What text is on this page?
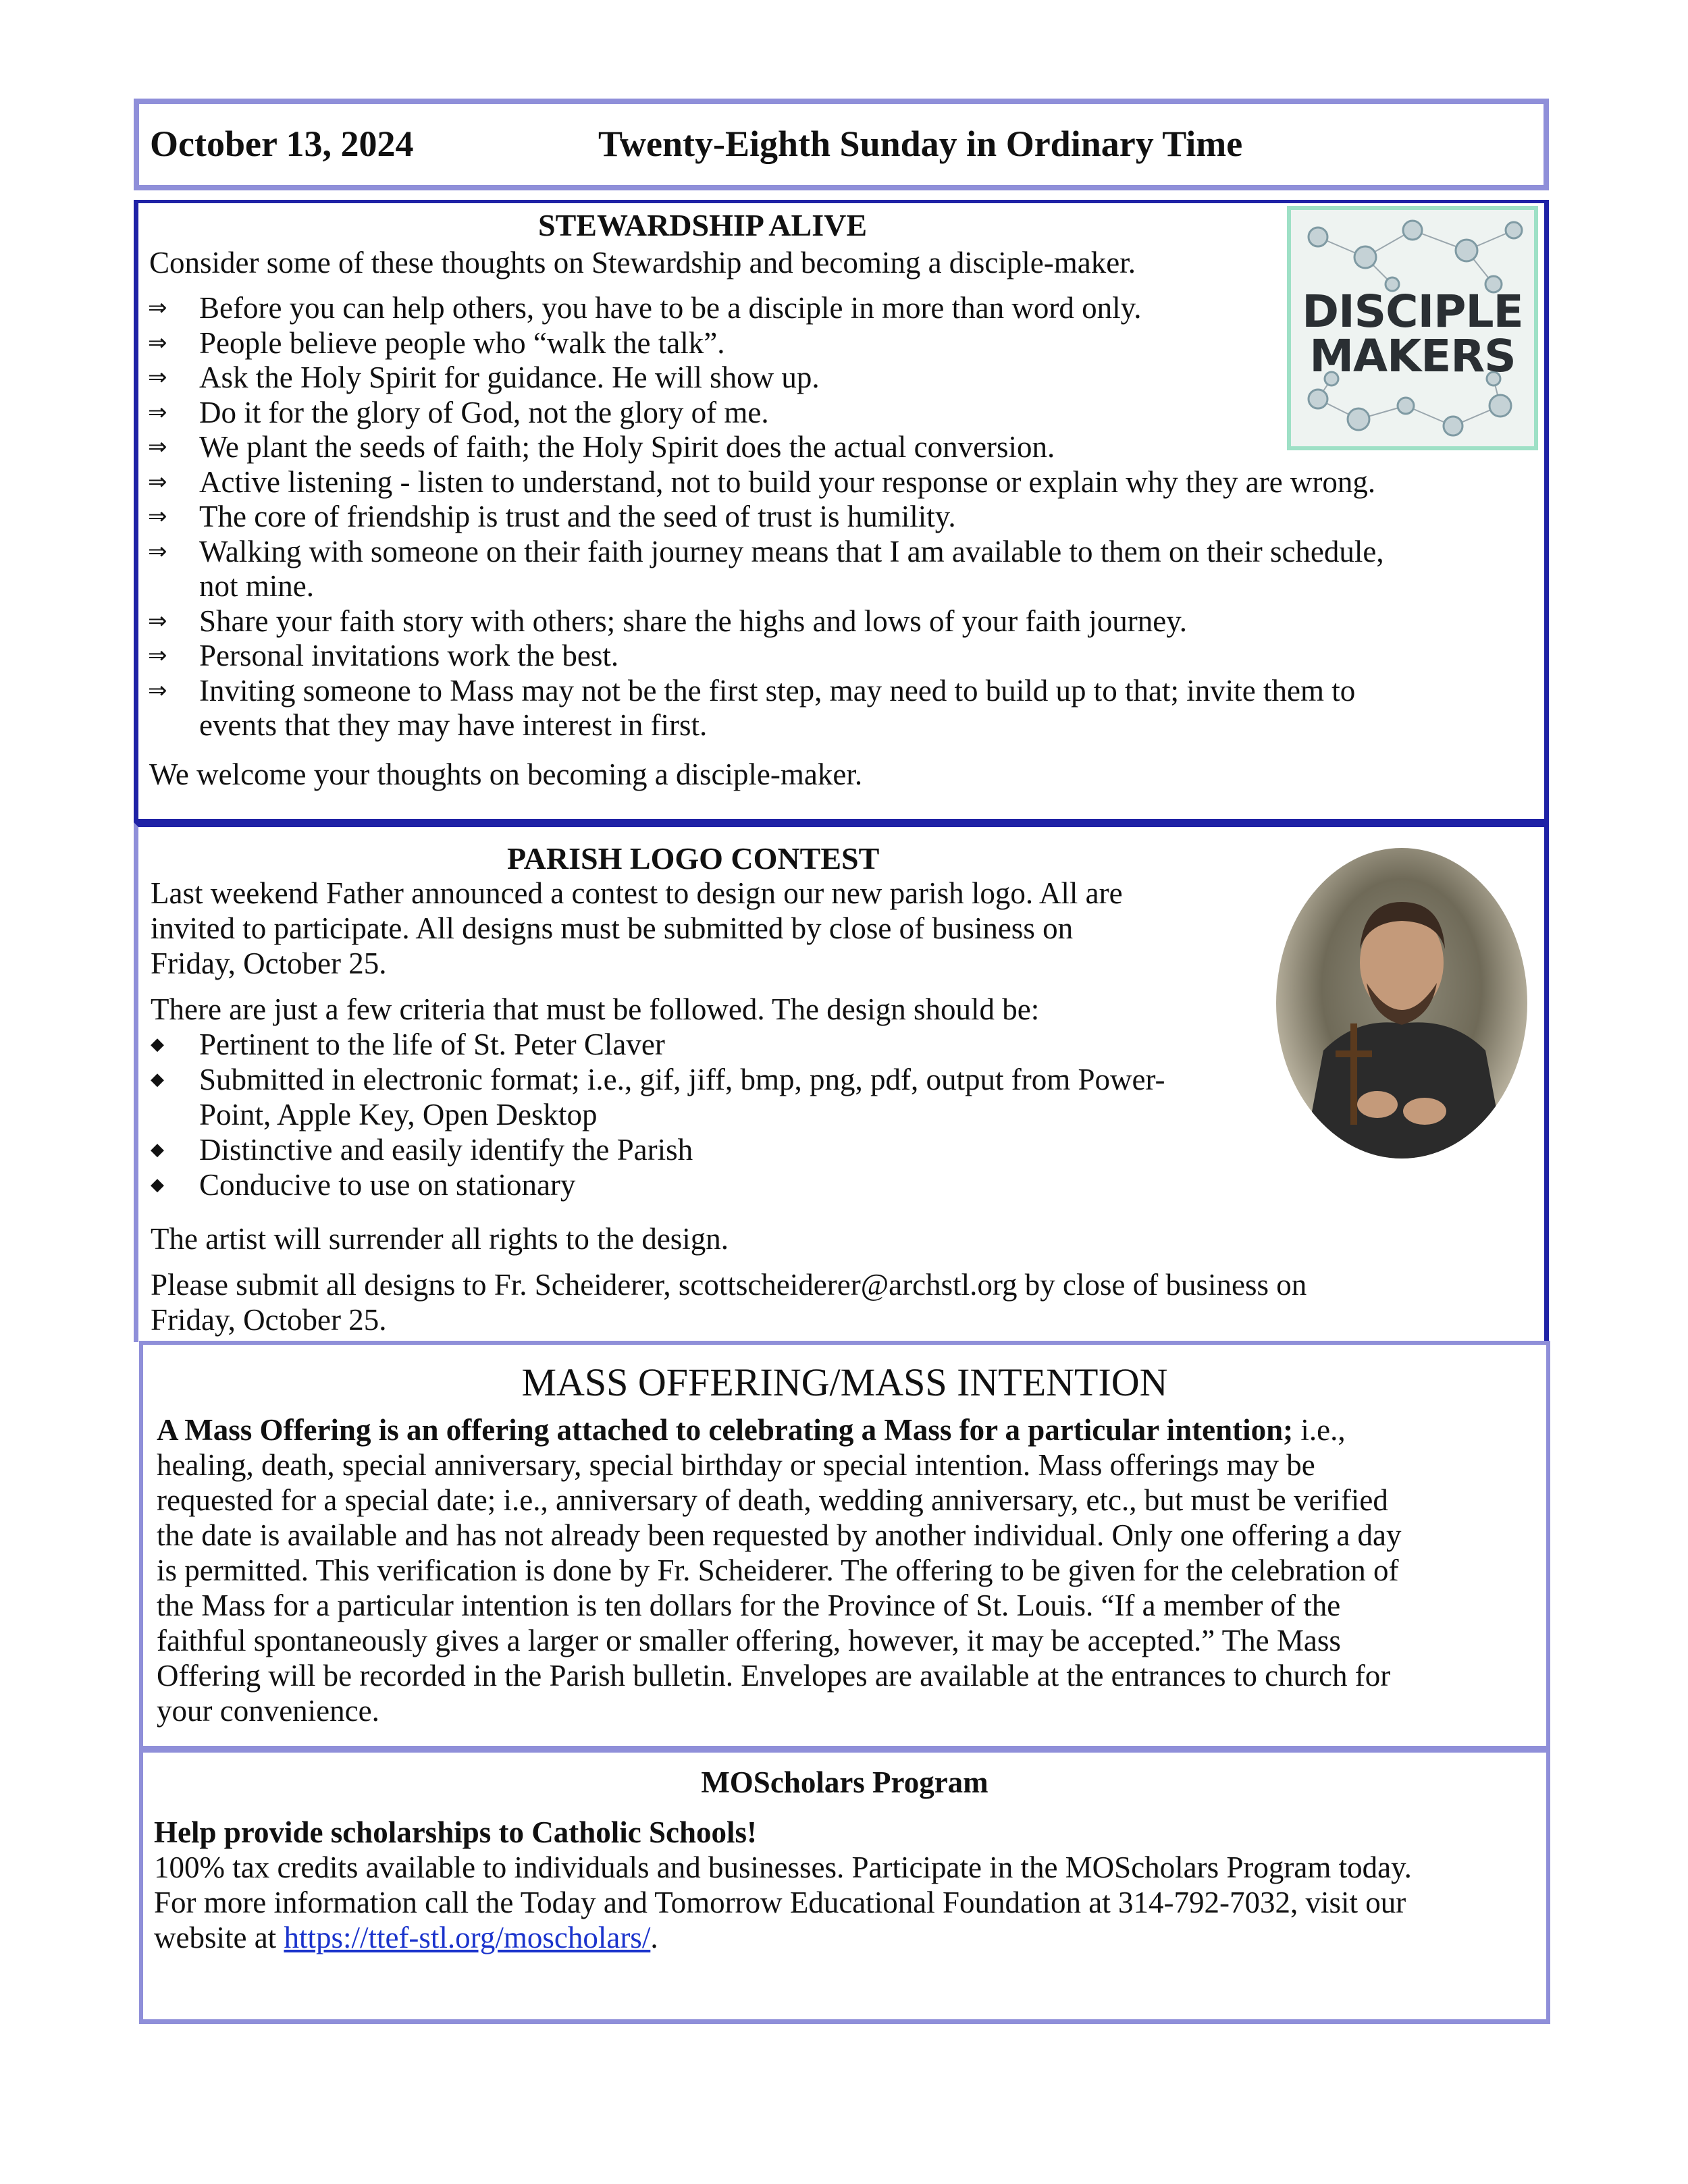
October 13, 2024	Twenty-Eighth Sunday in Ordinary Time
STEWARDSHIP ALIVE
Consider some of these thoughts on Stewardship and becoming a disciple-maker.
⇒ Before you can help others, you have to be a disciple in more than word only.
⇒ People believe people who “walk the talk”.
⇒ Ask the Holy Spirit for guidance. He will show up.
⇒ Do it for the glory of God, not the glory of me.
⇒ We plant the seeds of faith; the Holy Spirit does the actual conversion.
⇒ Active listening - listen to understand, not to build your response or explain why they are wrong.
⇒ The core of friendship is trust and the seed of trust is humility.
⇒ Walking with someone on their faith journey means that I am available to them on their schedule,
not mine.
⇒ Share your faith story with others; share the highs and lows of your faith journey.
⇒ Personal invitations work the best.
⇒ Inviting someone to Mass may not be the first step, may need to build up to that; invite them to
events that they may have interest in first.
We welcome your thoughts on becoming a disciple-maker.
DISCIPLE
MAKERS
PARISH LOGO CONTEST
Last weekend Father announced a contest to design our new parish logo. All are
invited to participate. All designs must be submitted by close of business on
Friday, October 25.
There are just a few criteria that must be followed. The design should be:
◆ Pertinent to the life of St. Peter Claver
◆ Submitted in electronic format; i.e., gif, jiff, bmp, png, pdf, output from Power-
Point, Apple Key, Open Desktop
◆ Distinctive and easily identify the Parish
◆ Conducive to use on stationary
The artist will surrender all rights to the design.
Please submit all designs to Fr. Scheiderer, scottscheiderer@archstl.org by close of business on
Friday, October 25.
MASS OFFERING/MASS INTENTION
A Mass Offering is an offering attached to celebrating a Mass for a particular intention; i.e.,
healing, death, special anniversary, special birthday or special intention. Mass offerings may be
requested for a special date; i.e., anniversary of death, wedding anniversary, etc., but must be verified
the date is available and has not already been requested by another individual. Only one offering a day
is permitted. This verification is done by Fr. Scheiderer. The offering to be given for the celebration of
the Mass for a particular intention is ten dollars for the Province of St. Louis. “If a member of the
faithful spontaneously gives a larger or smaller offering, however, it may be accepted.” The Mass
Offering will be recorded in the Parish bulletin. Envelopes are available at the entrances to church for
your convenience.
MOScholars Program
Help provide scholarships to Catholic Schools!
100% tax credits available to individuals and businesses. Participate in the MOScholars Program today.
For more information call the Today and Tomorrow Educational Foundation at 314-792-7032, visit our
website at https://ttef-stl.org/moscholars/.
